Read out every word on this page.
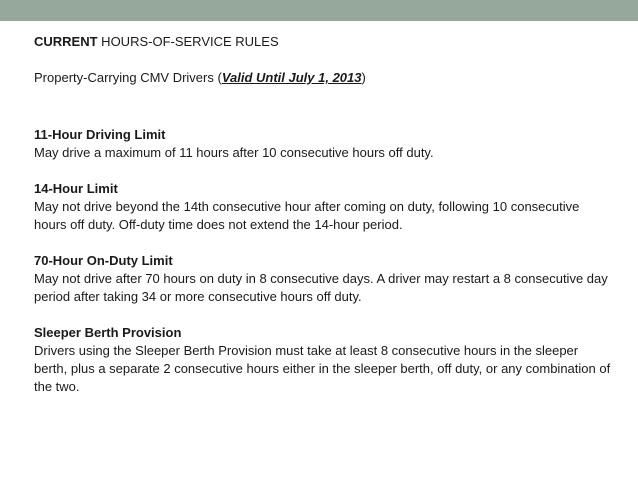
CURRENT HOURS-OF-SERVICE RULES

Property-Carrying CMV Drivers (Valid Until July 1, 2013)

11-Hour Driving Limit

May drive a maximum of 11 hours after 10 consecutive hours off duty.

14-Hour Limit

May not drive beyond the 14th consecutive hour after coming on duty, following 10 consecutive hours off duty. Off-duty time does not extend the 14-hour period.

70-Hour On-Duty Limit

May not drive after 70 hours on duty in 8 consecutive days. A driver may restart a 8 consecutive day period after taking 34 or more consecutive hours off duty.

Sleeper Berth Provision

Drivers using the Sleeper Berth Provision must take at least 8 consecutive hours in the sleeper berth, plus a separate 2 consecutive hours either in the sleeper berth, off duty, or any combination of the two.
